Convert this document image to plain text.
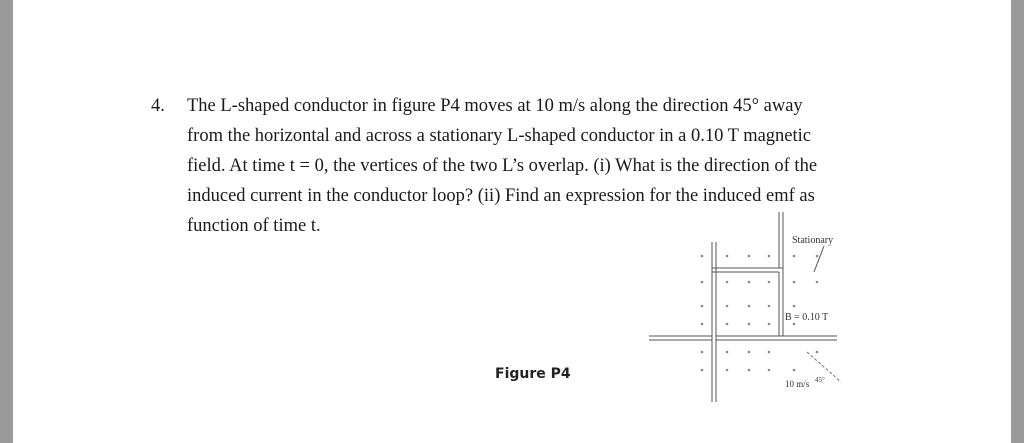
4. The L-shaped conductor in figure P4 moves at 10 m/s along the direction 45° away
from the horizontal and across a stationary L-shaped conductor in a 0.10 T magnetic
field. At time t = 0, the vertices of the two L’s overlap. (i) What is the direction of the
induced current in the conductor loop? (ii) Find an expression for the induced emf as
function of time t.

Figure P4
Stationary
B = 0.10 T
10 m/s 45°
